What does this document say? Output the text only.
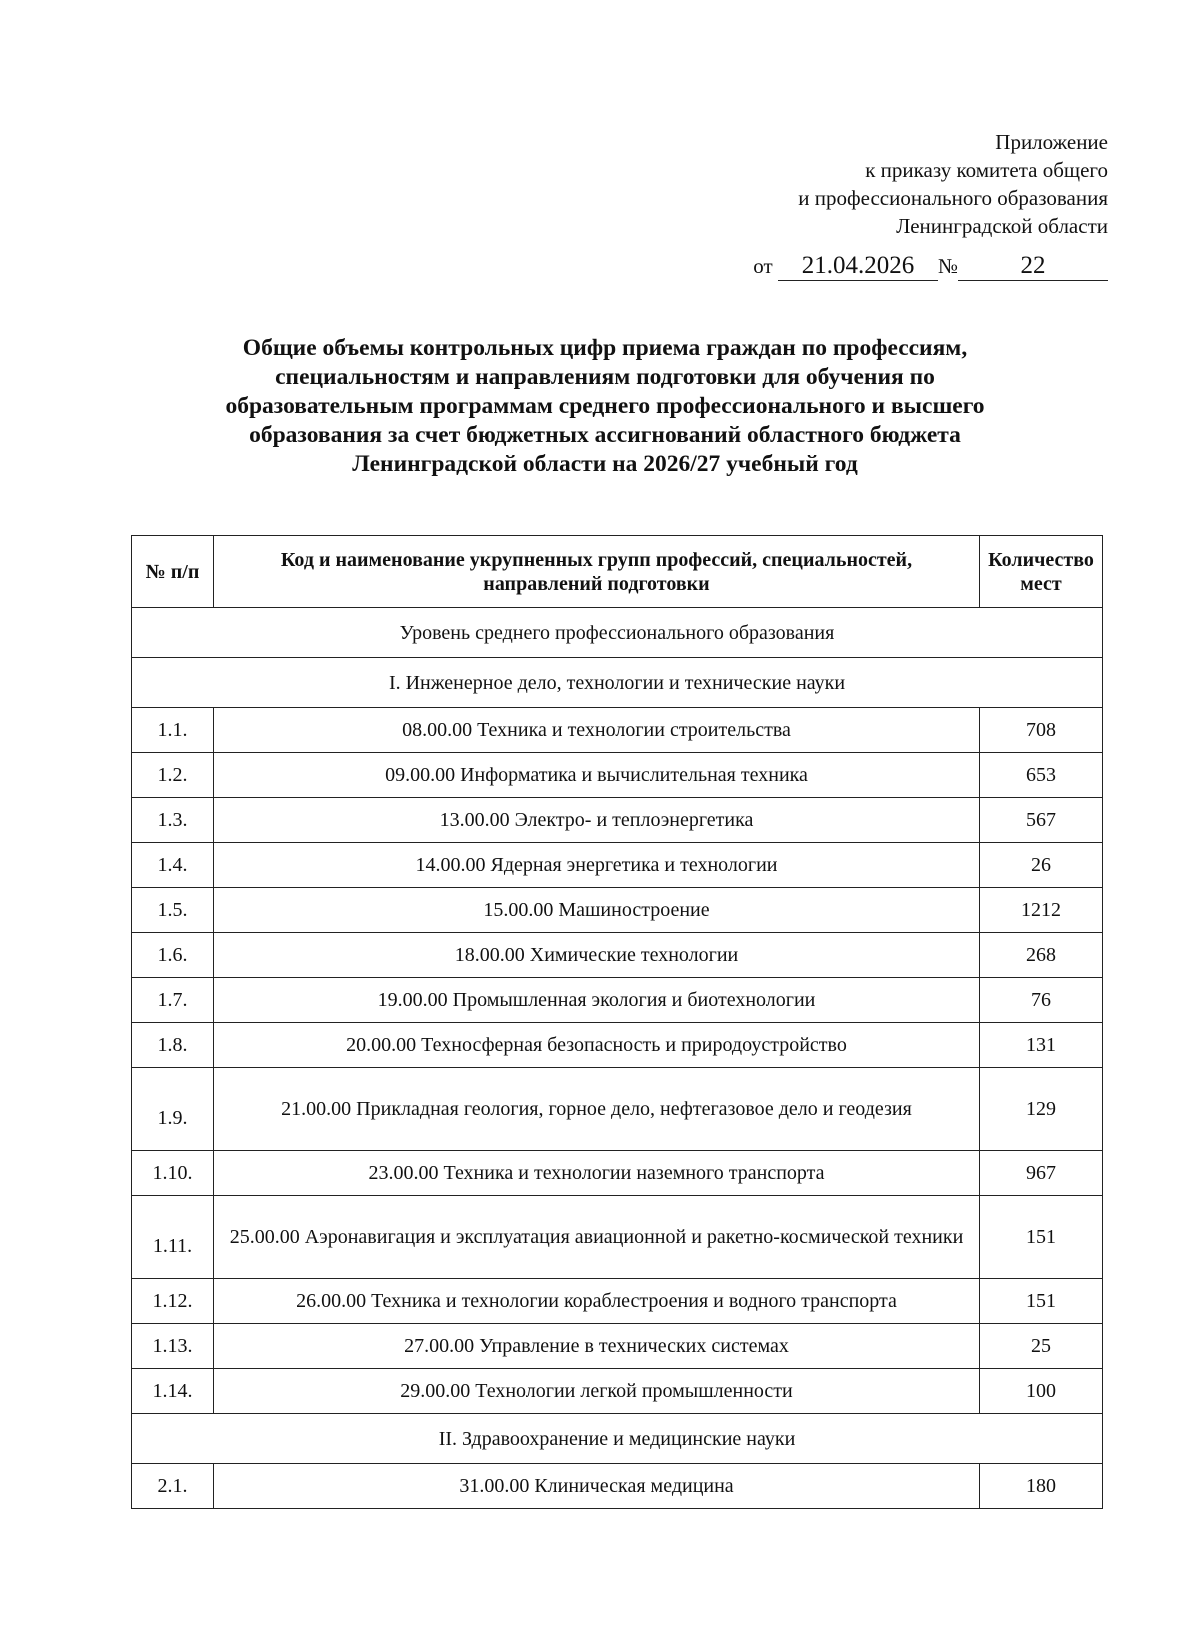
Приложение
к приказу комитета общего
и профессионального образования
Ленинградской области
от 21.04.2026 №	22
Общие объемы контрольных цифр приема граждан по профессиям,
специальностям и направлениям подготовки для обучения по
образовательным программам среднего профессионального и высшего
образования за счет бюджетных ассигнований областного бюджета
Ленинградской области на 2026/27 учебный год
№ п/п	Код и наименование укрупненных групп профессий, специальностей, направлений подготовки	Количество мест
Уровень среднего профессионального образования		
I. Инженерное дело, технологии и технические науки		
1.1.	08.00.00 Техника и технологии строительства	708
1.2.	09.00.00 Информатика и вычислительная техника	653
1.3.	13.00.00 Электро- и теплоэнергетика	567
1.4.	14.00.00 Ядерная энергетика и технологии	26
1.5.	15.00.00 Машиностроение	1212
1.6.	18.00.00 Химические технологии	268
1.7.	19.00.00 Промышленная экология и биотехнологии	76
1.8.	20.00.00 Техносферная безопасность и природоустройство	131
1.9.	21.00.00 Прикладная геология, горное дело, нефтегазовое дело и геодезия	129
1.10.	23.00.00 Техника и технологии наземного транспорта	967
1.11.	25.00.00 Аэронавигация и эксплуатация авиационной и ракетно-космической техники	151
1.12.	26.00.00 Техника и технологии кораблестроения и водного транспорта	151
1.13.	27.00.00 Управление в технических системах	25
1.14.	29.00.00 Технологии легкой промышленности	100
II. Здравоохранение и медицинские науки		
2.1.	31.00.00 Клиническая медицина	180
